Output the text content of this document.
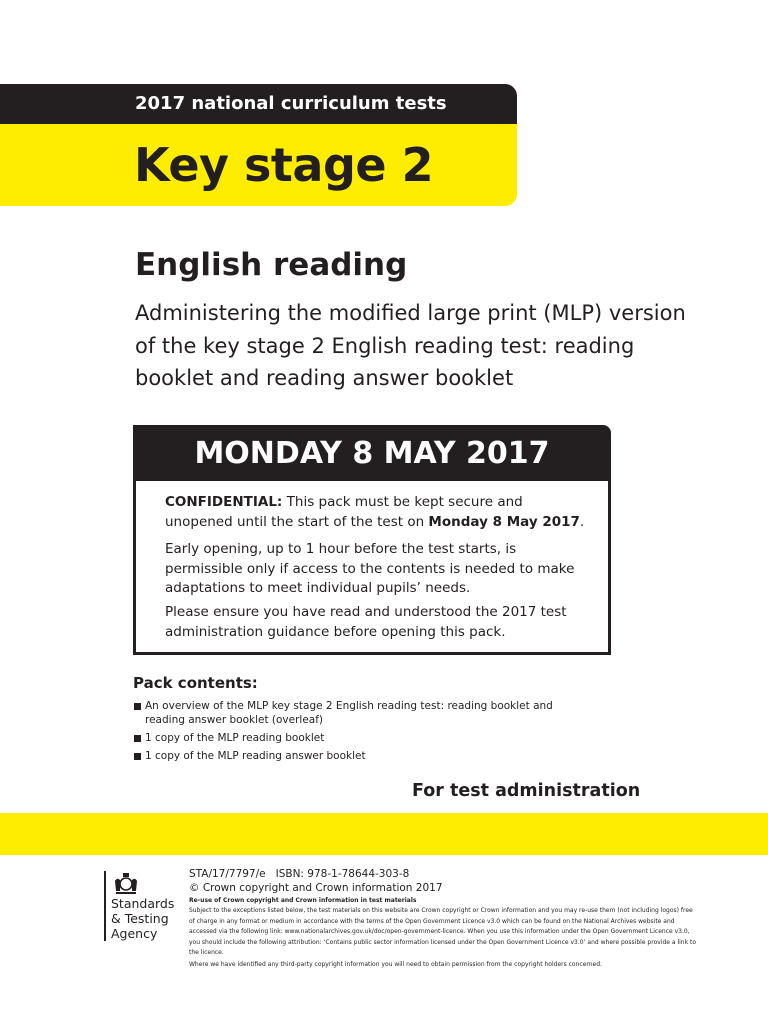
2017 national curriculum tests
Key stage 2
English reading
Administering the modified large print (MLP) version of the key stage 2 English reading test: reading booklet and reading answer booklet
MONDAY 8 MAY 2017

CONFIDENTIAL: This pack must be kept secure and unopened until the start of the test on Monday 8 May 2017.

Early opening, up to 1 hour before the test starts, is permissible only if access to the contents is needed to make adaptations to meet individual pupils’ needs.

Please ensure you have read and understood the 2017 test administration guidance before opening this pack.

Pack contents:
An overview of the MLP key stage 2 English reading test: reading booklet and reading answer booklet (overleaf)
1 copy of the MLP reading booklet
1 copy of the MLP reading answer booklet
For test administration
Standards
& Testing
Agency
STA/17/7797/e   ISBN: 978-1-78644-303-8
© Crown copyright and Crown information 2017
Re-use of Crown copyright and Crown information in test materials
Subject to the exceptions listed below, the test materials on this website are Crown copyright or Crown information and you may re-use them (not including logos) free of charge in any format or medium in accordance with the terms of the Open Government Licence v3.0 which can be found on the National Archives website and accessed via the following link: www.nationalarchives.gov.uk/doc/open-government-licence. When you use this information under the Open Government Licence v3.0, you should include the following attribution: ‘Contains public sector information licensed under the Open Government Licence v3.0’ and where possible provide a link to the licence.
Where we have identified any third-party copyright information you will need to obtain permission from the copyright holders concerned.
